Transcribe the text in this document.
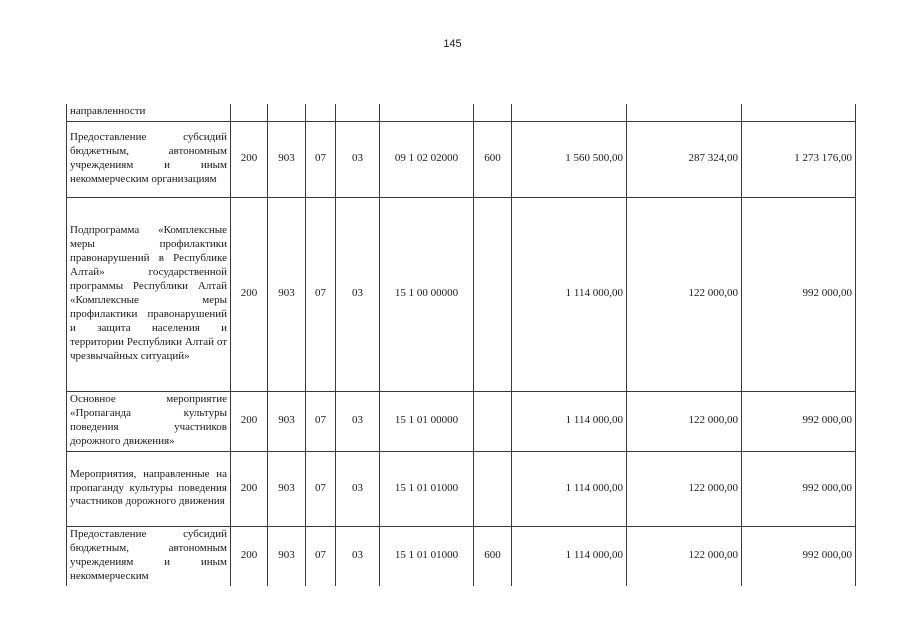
145
направленности									
Предоставление субсидий бюджетным, автономным учреждениям и иным некоммерческим организациям	200	903	07	03	09 1 02 02000	600	1 560 500,00	287 324,00	1 273 176,00
Подпрограмма «Комплексные меры профилактики правонарушений в Республике Алтай» государственной программы Республики Алтай «Комплексные меры профилактики правонарушений и защита населения и территории Республики Алтай от чрезвычайных ситуаций»	200	903	07	03	15 1 00 00000		1 114 000,00	122 000,00	992 000,00
Основное мероприятие «Пропаганда культуры поведения участников дорожного движения»	200	903	07	03	15 1 01 00000		1 114 000,00	122 000,00	992 000,00
Мероприятия, направленные на пропаганду культуры поведения участников дорожного движения	200	903	07	03	15 1 01 01000		1 114 000,00	122 000,00	992 000,00
Предоставление субсидий бюджетным, автономным учреждениям и иным некоммерческим	200	903	07	03	15 1 01 01000	600	1 114 000,00	122 000,00	992 000,00
